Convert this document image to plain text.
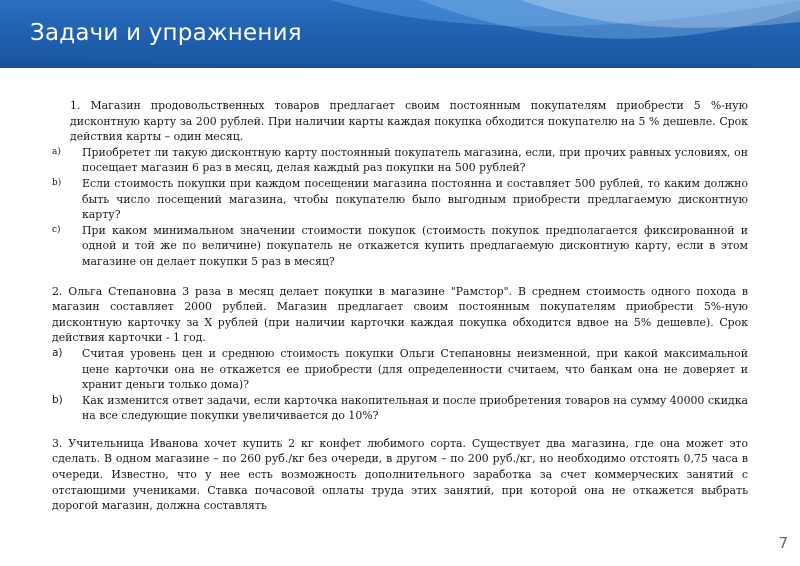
Задачи и упражнения

1. Магазин продовольственных товаров предлагает своим постоянным покупателям приобрести 5 %-ную дисконтную карту за 200 рублей. При наличии карты каждая покупка обходится покупателю на 5 % дешевле. Срок действия карты – один месяц.

a)	Приобретет ли такую дисконтную карту постоянный покупатель магазина, если, при прочих равных условиях, он посещает магазин 6 раз в месяц, делая каждый раз покупки на 500 рублей?
b)	Если стоимость покупки при каждом посещении магазина постоянна и составляет 500 рублей, то каким должно быть число посещений магазина, чтобы покупателю было выгодным приобрести предлагаемую дисконтную карту?
c)	При каком минимальном значении стоимости покупок (стоимость покупок предполагается фиксированной и одной и той же по величине) покупатель не откажется купить предлагаемую дисконтную карту, если в этом магазине он делает покупки 5 раз в месяц?

2. Ольга Степановна 3 раза в месяц делает покупки в магазине "Рамстор". В среднем стоимость одного похода в магазин составляет 2000 рублей. Магазин предлагает своим постоянным покупателям приобрести 5%-ную дисконтную карточку за Х рублей (при наличии карточки каждая покупка обходится вдвое на 5% дешевле). Срок действия карточки - 1 год.

a)	Считая уровень цен и среднюю стоимость покупки Ольги Степановны неизменной, при какой максимальной цене карточки она не откажется ее приобрести (для определенности считаем, что банкам она не доверяет и хранит деньги только дома)?
b)	Как изменится ответ задачи, если карточка накопительная и после приобретения товаров на сумму 40000 скидка на все следующие покупки увеличивается до 10%?

3. Учительница Иванова хочет купить 2 кг конфет любимого сорта. Существует два магазина, где она может это сделать. В одном магазине – по 260 руб./кг без очереди, в другом – по 200 руб./кг, но необходимо отстоять 0,75 часа в очереди. Известно, что у нее есть возможность дополнительного заработка за счет коммерческих занятий с отстающими учениками. Ставка почасовой оплаты труда этих занятий, при которой она не откажется выбрать дорогой магазин, должна составлять

7
